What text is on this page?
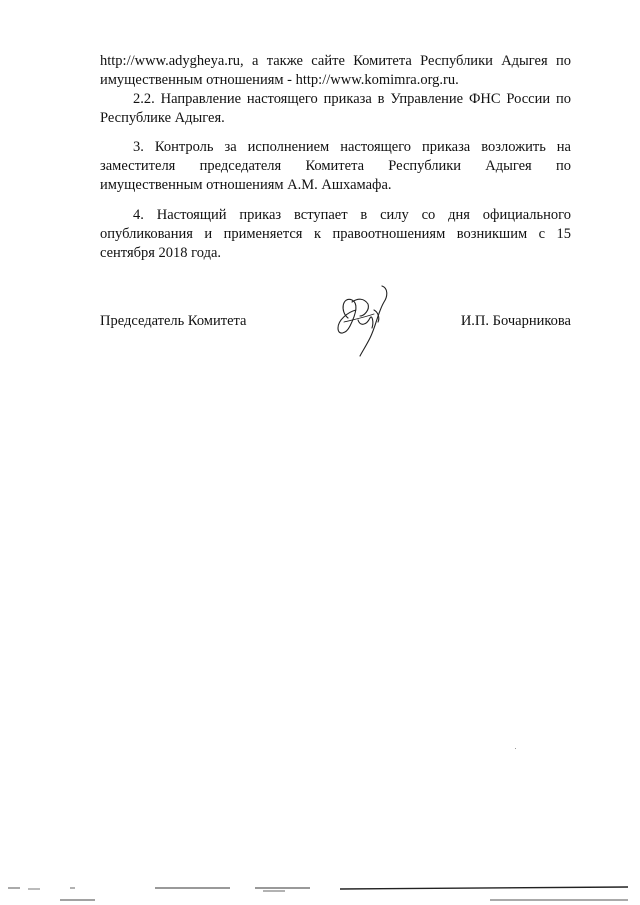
http://www.adygheya.ru, а также сайте Комитета Республики Адыгея по
имущественным отношениям - http://www.komimra.org.ru.
2.2. Направление настоящего приказа в Управление ФНС России по
Республике Адыгея.
3. Контроль за исполнением настоящего приказа возложить на
заместителя председателя Комитета Республики Адыгея по
имущественным отношениям А.М. Ашхамафа.
4. Настоящий приказ вступает в силу со дня официального
опубликования и применяется к правоотношениям возникшим с 15
сентября 2018 года.
Председатель Комитета	И.П. Бочарникова
